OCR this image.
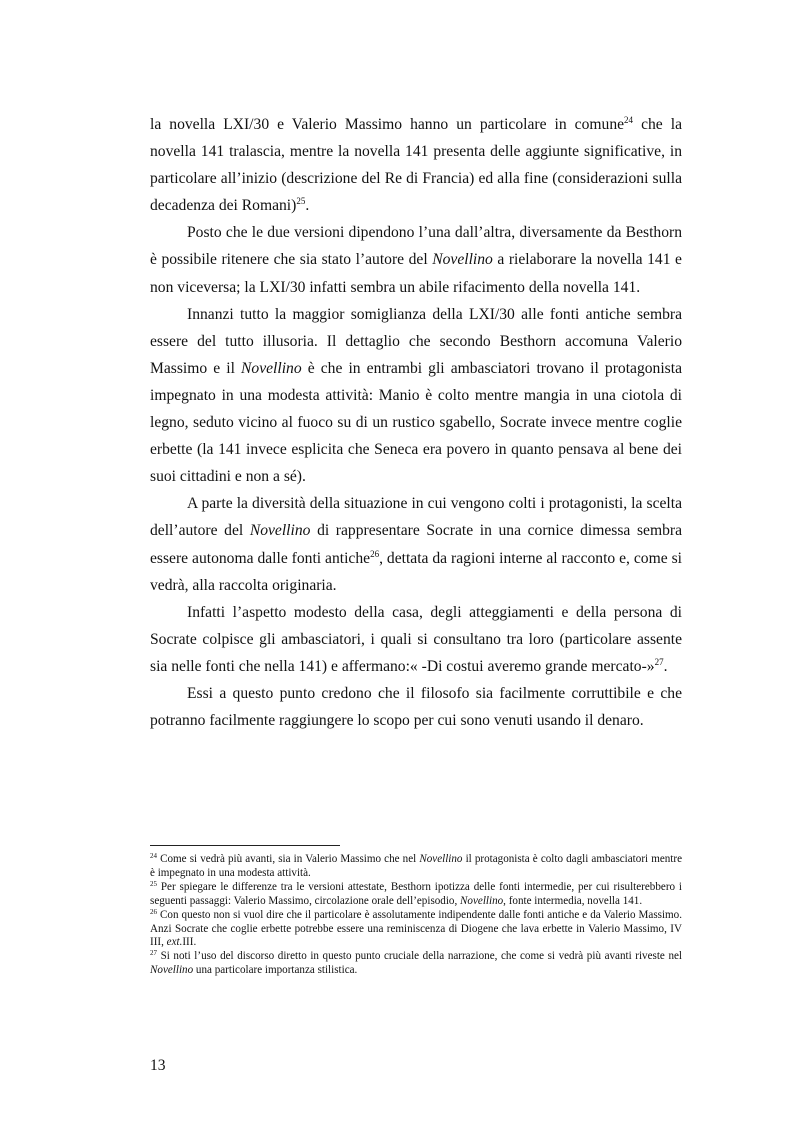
la novella LXI/30 e Valerio Massimo hanno un particolare in comune$^{24}$ che la novella 141 tralascia, mentre la novella 141 presenta delle aggiunte significative, in particolare all’inizio (descrizione del Re di Francia) ed alla fine (considerazioni sulla decadenza dei Romani)$^{25}$.

Posto che le due versioni dipendono l’una dall’altra, diversamente da Besthorn è possibile ritenere che sia stato l’autore del Novellino a rielaborare la novella 141 e non viceversa; la LXI/30 infatti sembra un abile rifacimento della novella 141.

Innanzi tutto la maggior somiglianza della LXI/30 alle fonti antiche sembra essere del tutto illusoria. Il dettaglio che secondo Besthorn accomuna Valerio Massimo e il Novellino è che in entrambi gli ambasciatori trovano il protagonista impegnato in una modesta attività: Manio è colto mentre mangia in una ciotola di legno, seduto vicino al fuoco su di un rustico sgabello, Socrate invece mentre coglie erbette (la 141 invece esplicita che Seneca era povero in quanto pensava al bene dei suoi cittadini e non a sé).

A parte la diversità della situazione in cui vengono colti i protagonisti, la scelta dell’autore del Novellino di rappresentare Socrate in una cornice dimessa sembra essere autonoma dalle fonti antiche$^{26}$, dettata da ragioni interne al racconto e, come si vedrà, alla raccolta originaria.

Infatti l’aspetto modesto della casa, degli atteggiamenti e della persona di Socrate colpisce gli ambasciatori, i quali si consultano tra loro (particolare assente sia nelle fonti che nella 141) e affermano:« -Di costui averemo grande mercato-»$^{27}$.

Essi a questo punto credono che il filosofo sia facilmente corruttibile e che potranno facilmente raggiungere lo scopo per cui sono venuti usando il denaro.

$^{24}$ Come si vedrà più avanti, sia in Valerio Massimo che nel Novellino il protagonista è colto dagli ambasciatori mentre è impegnato in una modesta attività.

$^{25}$ Per spiegare le differenze tra le versioni attestate, Besthorn ipotizza delle fonti intermedie, per cui risulterebbero i seguenti passaggi: Valerio Massimo, circolazione orale dell’episodio, Novellino, fonte intermedia, novella 141.

$^{26}$ Con questo non si vuol dire che il particolare è assolutamente indipendente dalle fonti antiche e da Valerio Massimo. Anzi Socrate che coglie erbette potrebbe essere una reminiscenza di Diogene che lava erbette in Valerio Massimo, IV III, ext.III.

$^{27}$ Si noti l’uso del discorso diretto in questo punto cruciale della narrazione, che come si vedrà più avanti riveste nel Novellino una particolare importanza stilistica.

13
